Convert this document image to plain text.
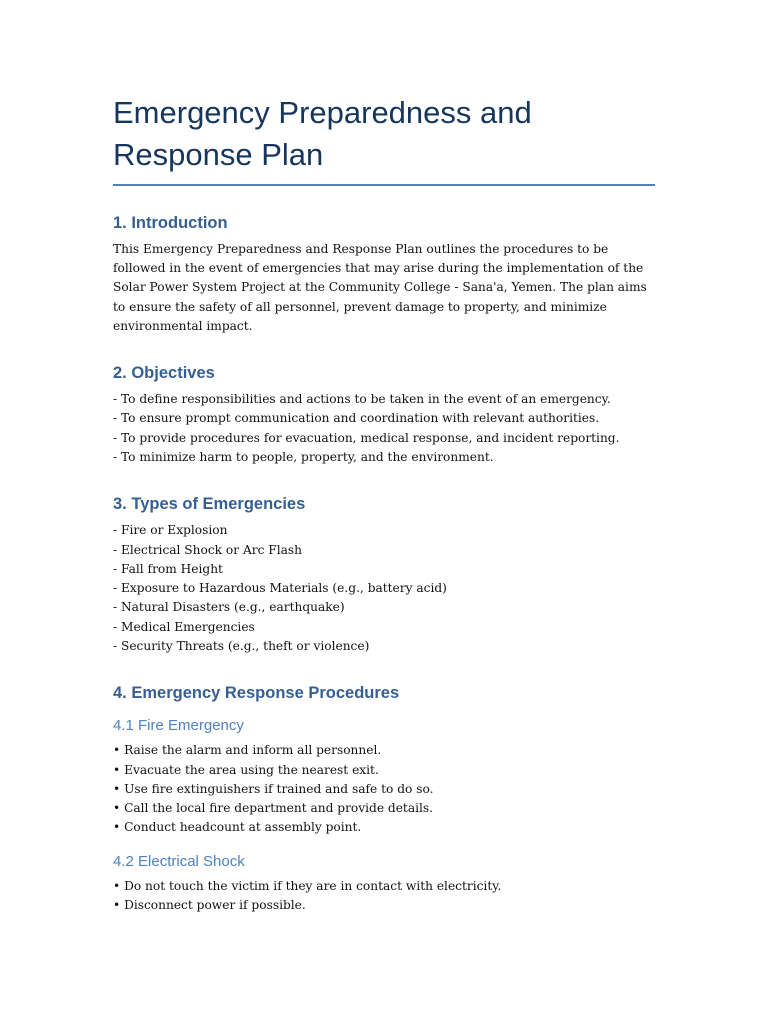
Emergency Preparedness and Response Plan
1. Introduction

This Emergency Preparedness and Response Plan outlines the procedures to be followed in the event of emergencies that may arise during the implementation of the Solar Power System Project at the Community College - Sana'a, Yemen. The plan aims to ensure the safety of all personnel, prevent damage to property, and minimize environmental impact.

2. Objectives
- To define responsibilities and actions to be taken in the event of an emergency.
- To ensure prompt communication and coordination with relevant authorities.
- To provide procedures for evacuation, medical response, and incident reporting.
- To minimize harm to people, property, and the environment.
3. Types of Emergencies
- Fire or Explosion
- Electrical Shock or Arc Flash
- Fall from Height
- Exposure to Hazardous Materials (e.g., battery acid)
- Natural Disasters (e.g., earthquake)
- Medical Emergencies
- Security Threats (e.g., theft or violence)
4. Emergency Response Procedures
4.1 Fire Emergency
• Raise the alarm and inform all personnel.
• Evacuate the area using the nearest exit.
• Use fire extinguishers if trained and safe to do so.
• Call the local fire department and provide details.
• Conduct headcount at assembly point.
4.2 Electrical Shock
• Do not touch the victim if they are in contact with electricity.
• Disconnect power if possible.
